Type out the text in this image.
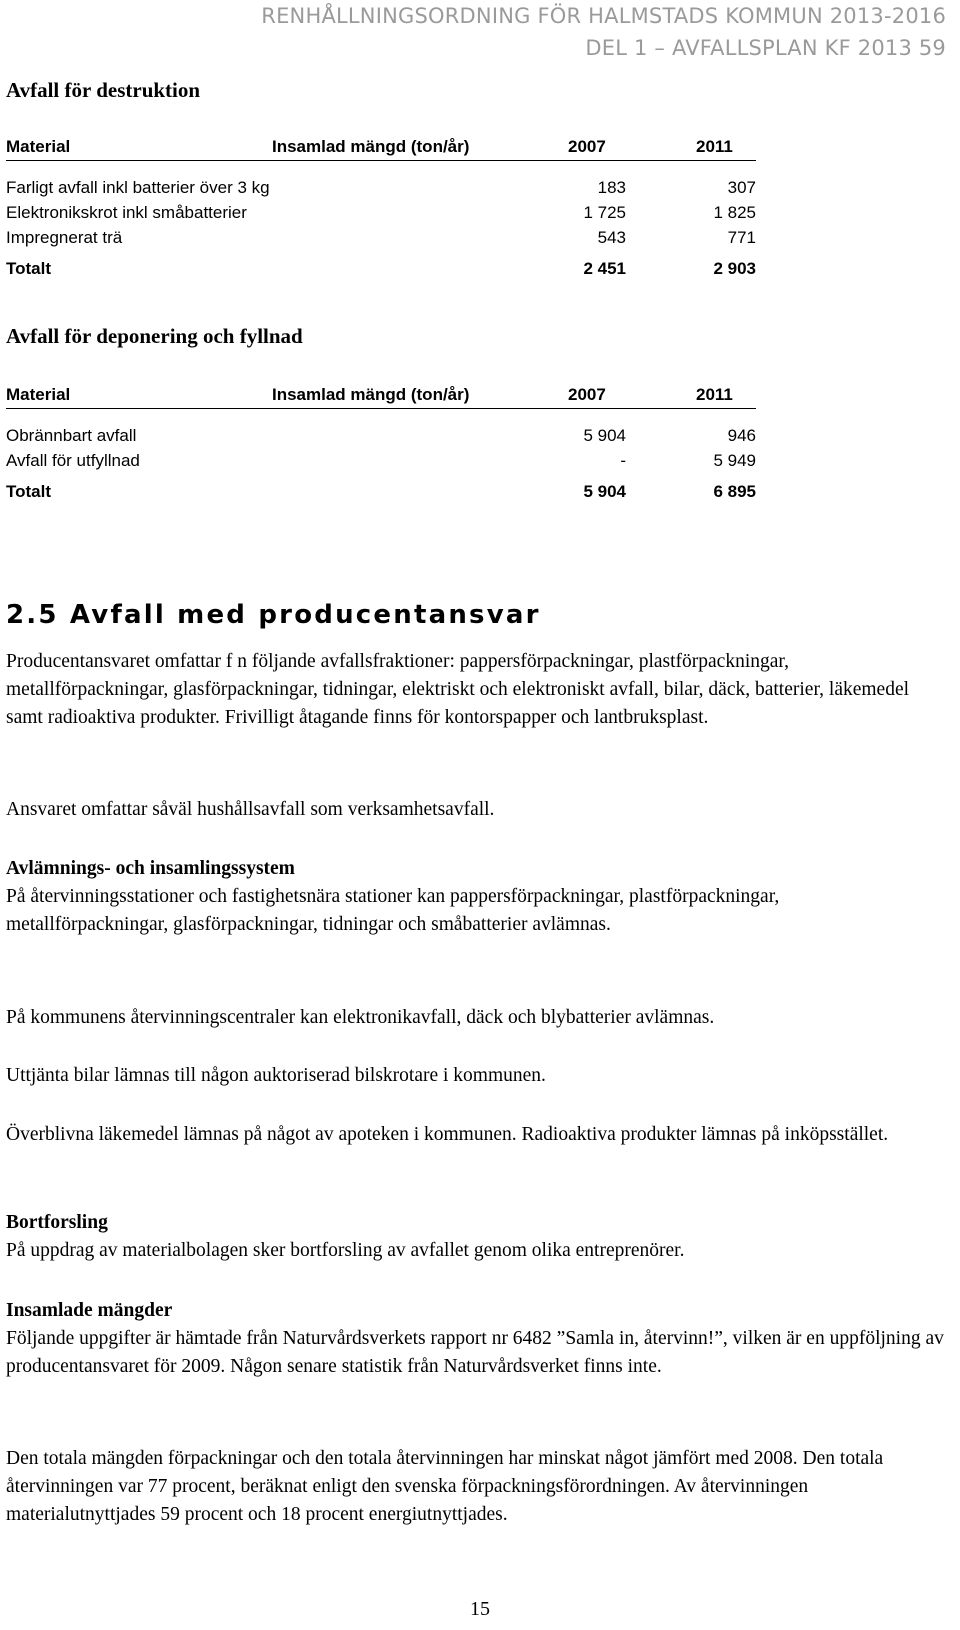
RENHÅLLNINGSORDNING FÖR HALMSTADS KOMMUN 2013-2016
DEL 1 – AVFALLSPLAN KF 2013 59
Avfall för destruktion
Material	Insamlad mängd (ton/år)	2007	2011

Farligt avfall inkl batterier över 3 kg		183	307
Elektronikskrot inkl småbatterier		1 725	1 825
Impregnerat trä		543	771
Totalt		2 451	2 903
Avfall för deponering och fyllnad
Material	Insamlad mängd (ton/år)	2007	2011

Obrännbart avfall		5 904	946
Avfall för utfyllnad		-	5 949
Totalt		5 904	6 895
2.5 Avfall med producentansvar

Producentansvaret omfattar f n följande avfallsfraktioner: pappersförpackningar, plastförpackningar, metallförpackningar, glasförpackningar, tidningar, elektriskt och elektroniskt avfall, bilar, däck, batterier, läkemedel samt radioaktiva produkter. Frivilligt åtagande finns för kontorspapper och lantbruksplast.

Ansvaret omfattar såväl hushållsavfall som verksamhetsavfall.

Avlämnings- och insamlingssystem

På återvinningsstationer och fastighetsnära stationer kan pappersförpackningar, plastförpackningar, metallförpackningar, glasförpackningar, tidningar och småbatterier avlämnas.

På kommunens återvinningscentraler kan elektronikavfall, däck och blybatterier avlämnas.

Uttjänta bilar lämnas till någon auktoriserad bilskrotare i kommunen.

Överblivna läkemedel lämnas på något av apoteken i kommunen. Radioaktiva produkter lämnas på inköpsstället.

Bortforsling

På uppdrag av materialbolagen sker bortforsling av avfallet genom olika entreprenörer.

Insamlade mängder

Följande uppgifter är hämtade från Naturvårdsverkets rapport nr 6482 ”Samla in, återvinn!”, vilken är en uppföljning av producentansvaret för 2009. Någon senare statistik från Naturvårdsverket finns inte.

Den totala mängden förpackningar och den totala återvinningen har minskat något jämfört med 2008. Den totala återvinningen var 77 procent, beräknat enligt den svenska förpackningsförordningen. Av återvinningen materialutnyttjades 59 procent och 18 procent energiutnyttjades.

15
